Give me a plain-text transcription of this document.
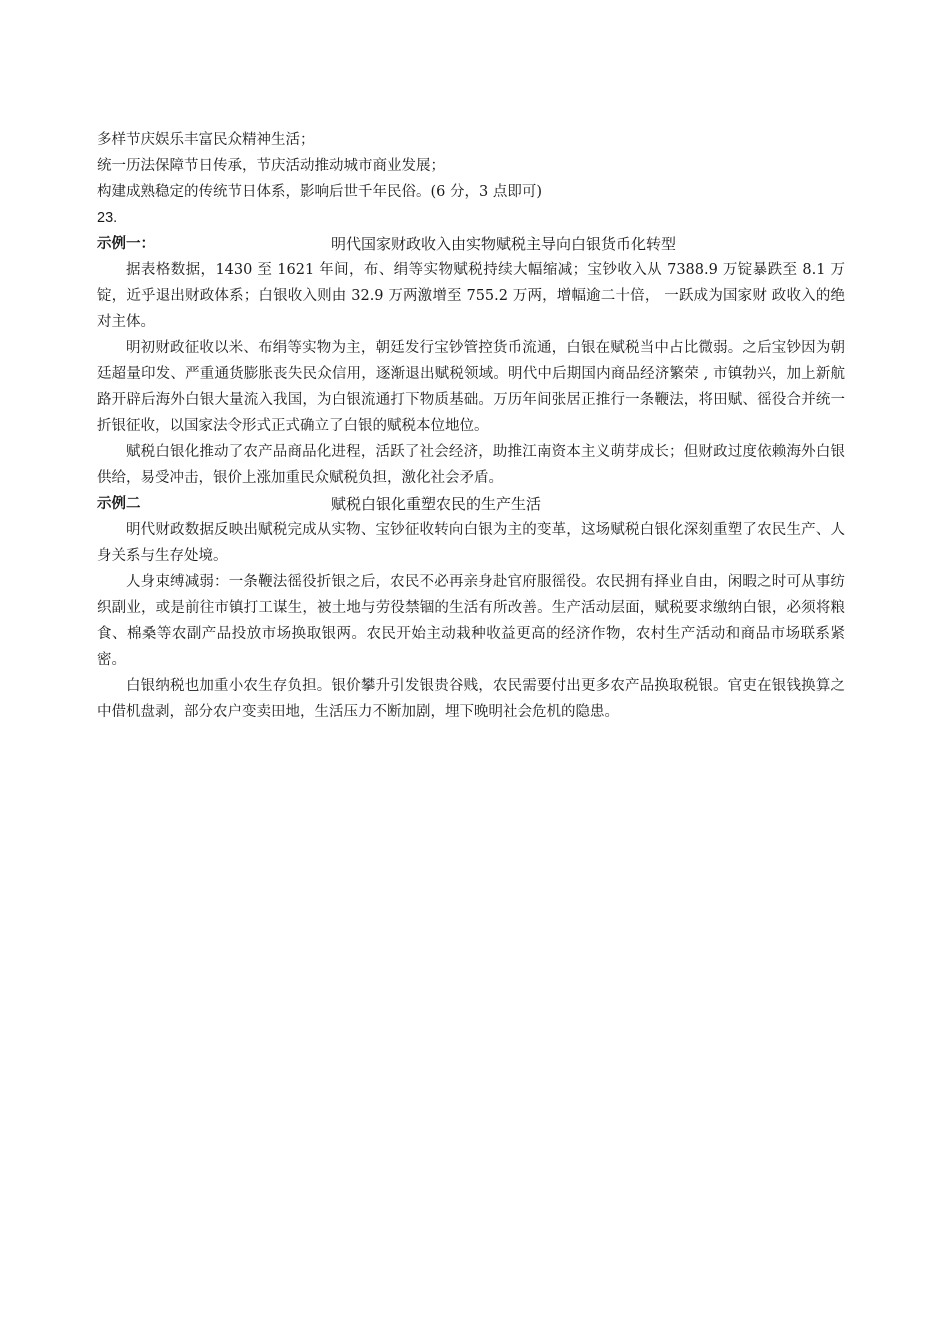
多样节庆娱乐丰富民众精神生活；

统一历法保障节日传承，节庆活动推动城市商业发展；

构建成熟稳定的传统节日体系，影响后世千年民俗。(6 分，3 点即可)

23.

示例一：	明代国家财政收入由实物赋税主导向白银货币化转型

据表格数据，1430 至 1621 年间，布、绢等实物赋税持续大幅缩减；宝钞收入从 7388.9 万锭暴跌至 8.1 万锭，近乎退出财政体系；白银收入则由 32.9 万两激增至 755.2 万两，增幅逾二十倍， 一跃成为国家财 政收入的绝对主体。

明初财政征收以米、布绢等实物为主，朝廷发行宝钞管控货币流通，白银在赋税当中占比微弱。之后宝钞因为朝廷超量印发、严重通货膨胀丧失民众信用，逐渐退出赋税领域。明代中后期国内商品经济繁荣 , 市镇勃兴，加上新航路开辟后海外白银大量流入我国，为白银流通打下物质基础。万历年间张居正推行一条鞭法，将田赋、徭役合并统一折银征收，以国家法令形式正式确立了白银的赋税本位地位。

赋税白银化推动了农产品商品化进程，活跃了社会经济，助推江南资本主义萌芽成长；但财政过度依赖海外白银供给，易受冲击，银价上涨加重民众赋税负担，激化社会矛盾。

示例二	赋税白银化重塑农民的生产生活

明代财政数据反映出赋税完成从实物、宝钞征收转向白银为主的变革，这场赋税白银化深刻重塑了农民生产、人身关系与生存处境。

人身束缚减弱：一条鞭法徭役折银之后，农民不必再亲身赴官府服徭役。农民拥有择业自由，闲暇之时可从事纺织副业，或是前往市镇打工谋生，被土地与劳役禁锢的生活有所改善。生产活动层面，赋税要求缴纳白银，必须将粮食、棉桑等农副产品投放市场换取银两。农民开始主动栽种收益更高的经济作物，农村生产活动和商品市场联系紧密。

白银纳税也加重小农生存负担。银价攀升引发银贵谷贱，农民需要付出更多农产品换取税银。官吏在银钱换算之中借机盘剥，部分农户变卖田地，生活压力不断加剧，埋下晚明社会危机的隐患。
